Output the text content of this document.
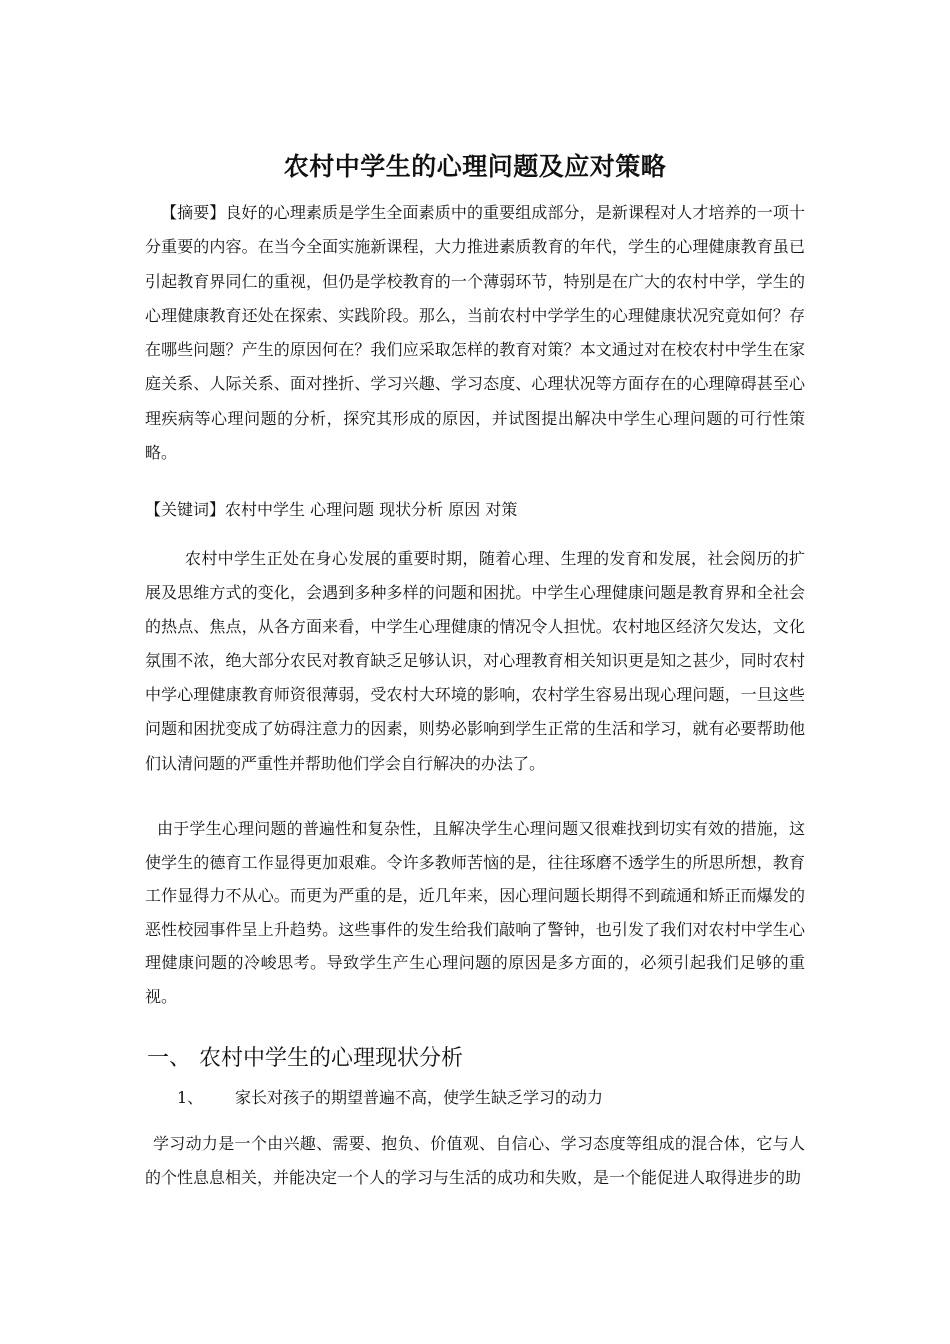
农村中学生的心理问题及应对策略

【摘要】良好的心理素质是学生全面素质中的重要组成部分，是新课程对人才培养的一项十分重要的内容。在当今全面实施新课程，大力推进素质教育的年代，学生的心理健康教育虽已引起教育界同仁的重视，但仍是学校教育的一个薄弱环节，特别是在广大的农村中学，学生的心理健康教育还处在探索、实践阶段。那么，当前农村中学学生的心理健康状况究竟如何？存在哪些问题？产生的原因何在？我们应采取怎样的教育对策？本文通过对在校农村中学生在家庭关系、人际关系、面对挫折、学习兴趣、学习态度、心理状况等方面存在的心理障碍甚至心理疾病等心理问题的分析，探究其形成的原因，并试图提出解决中学生心理问题的可行性策略。

【关键词】农村中学生 心理问题 现状分析 原因 对策

农村中学生正处在身心发展的重要时期，随着心理、生理的发育和发展，社会阅历的扩展及思维方式的变化，会遇到多种多样的问题和困扰。中学生心理健康问题是教育界和全社会的热点、焦点，从各方面来看，中学生心理健康的情况令人担忧。农村地区经济欠发达，文化氛围不浓，绝大部分农民对教育缺乏足够认识，对心理教育相关知识更是知之甚少，同时农村中学心理健康教育师资很薄弱，受农村大环境的影响，农村学生容易出现心理问题，一旦这些问题和困扰变成了妨碍注意力的因素，则势必影响到学生正常的生活和学习，就有必要帮助他们认清问题的严重性并帮助他们学会自行解决的办法了。

由于学生心理问题的普遍性和复杂性，且解决学生心理问题又很难找到切实有效的措施，这使学生的德育工作显得更加艰难。令许多教师苦恼的是，往往琢磨不透学生的所思所想，教育工作显得力不从心。而更为严重的是，近几年来，因心理问题长期得不到疏通和矫正而爆发的恶性校园事件呈上升趋势。这些事件的发生给我们敲响了警钟，也引发了我们对农村中学生心理健康问题的冷峻思考。导致学生产生心理问题的原因是多方面的，必须引起我们足够的重视。

一、 农村中学生的心理现状分析
1、 家长对孩子的期望普遍不高，使学生缺乏学习的动力

学习动力是一个由兴趣、需要、抱负、价值观、自信心、学习态度等组成的混合体，它与人的个性息息相关，并能决定一个人的学习与生活的成功和失败，是一个能促进人取得进步的助
